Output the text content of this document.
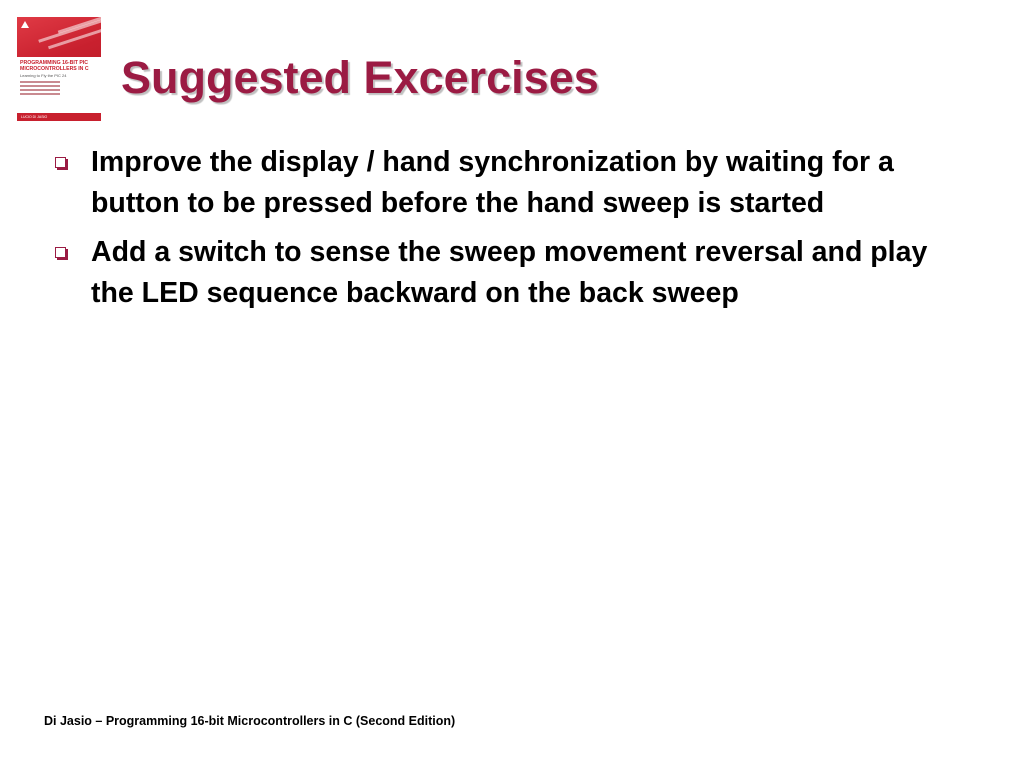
PROGRAMMING 16-BIT PIC MICROCONTROLLERS IN C
Learning to Fly the PIC 24
LUCIO DI JASIO
Suggested Excercises
Improve the display / hand synchronization by waiting for a button to be pressed before the hand sweep is started
Add a switch to sense the sweep movement reversal and play the LED sequence backward on the back sweep
Di Jasio – Programming 16-bit Microcontrollers in C (Second Edition)
